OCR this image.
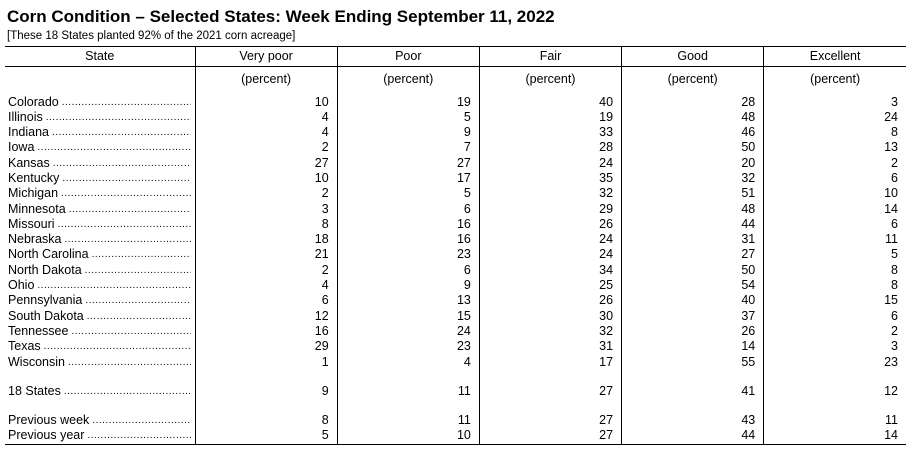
Corn Condition – Selected States: Week Ending September 11, 2022
[These 18 States planted 92% of the 2021 corn acreage]
State	Very poor	Poor	Fair	Good	Excellent
	(percent)	(percent)	(percent)	(percent)	(percent)

Colorado
.....	10	19	40	28	3

Illinois
.....	4	5	19	48	24

Indiana
.....	4	9	33	46	8

Iowa
.....	2	7	28	50	13

Kansas
.....	27	27	24	20	2

Kentucky
.....	10	17	35	32	6

Michigan
.....	2	5	32	51	10

Minnesota
.....	3	6	29	48	14

Missouri
.....	8	16	26	44	6

Nebraska
.....	18	16	24	31	11

North Carolina
.....	21	23	24	27	5

North Dakota
.....	2	6	34	50	8

Ohio
.....	4	9	25	54	8

Pennsylvania
.....	6	13	26	40	15

South Dakota
.....	12	15	30	37	6

Tennessee
.....	16	24	32	26	2

Texas
.....	29	23	31	14	3

Wisconsin
.....	1	4	17	55	23

18 States
.....	9	11	27	41	12

Previous week
.....	8	11	27	43	11

Previous year
.....	5	10	27	44	14
